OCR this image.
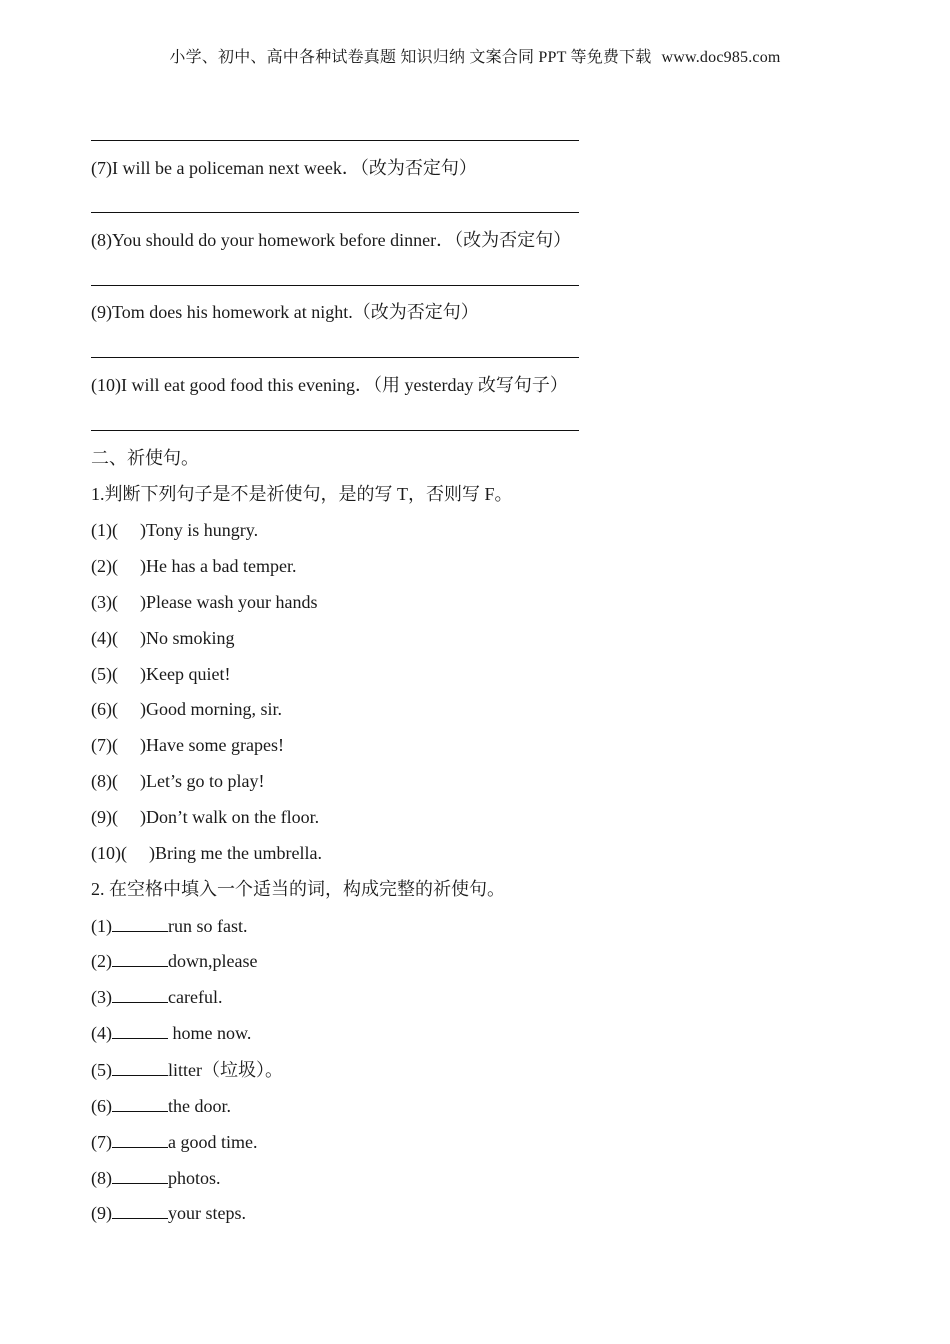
小学、初中、高中各种试卷真题 知识归纳 文案合同 PPT 等免费下载 www.doc985.com
(7)I will be a policeman next week．（改为否定句）
(8)You should do your homework before dinner．（改为否定句）
(9)Tom does his homework at night.（改为否定句）
(10)I will eat good food this evening．（用 yesterday 改写句子）
二、祈使句。
1.判断下列句子是不是祈使句，是的写 T，否则写 F。
(1)( )Tony is hungry.
(2)( )He has a bad temper.
(3)( )Please wash your hands
(4)( )No smoking
(5)( )Keep quiet!
(6)( )Good morning, sir.
(7)( )Have some grapes!
(8)( )Let’s go to play!
(9)( )Don’t walk on the floor.
(10)( )Bring me the umbrella.
2. 在空格中填入一个适当的词，构成完整的祈使句。
(1)	run so fast.
(2)	down,please
(3)	careful.
(4)	home now.
(5)	litter（垃圾）。
(6)	the door.
(7)	a good time.
(8)	photos.
(9)	your steps.
